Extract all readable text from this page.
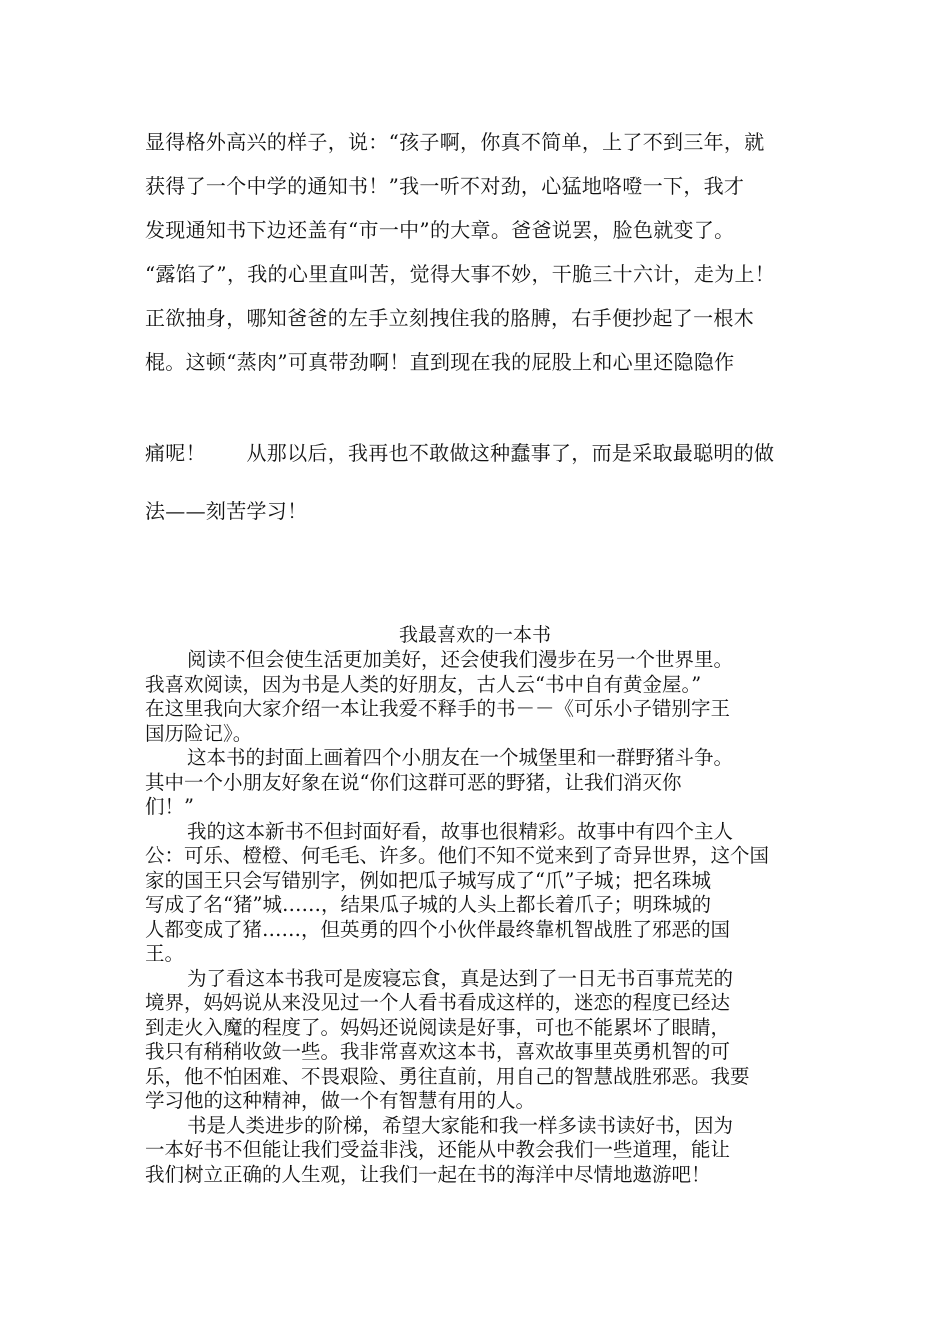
显得格外高兴的样子，说：“孩子啊，你真不简单，上了不到三年，就
获得了一个中学的通知书！”我一听不对劲，心猛地咯噔一下，我才
发现通知书下边还盖有“市一中”的大章。爸爸说罢，脸色就变了。
“露馅了”，我的心里直叫苦，觉得大事不妙，干脆三十六计，走为上！
正欲抽身，哪知爸爸的左手立刻拽住我的胳膊，右手便抄起了一根木
棍。这顿“蒸肉”可真带劲啊！直到现在我的屁股上和心里还隐隐作
痛呢！　　从那以后，我再也不敢做这种蠢事了，而是采取最聪明的做
法——刻苦学习！
我最喜欢的一本书
阅读不但会使生活更加美好，还会使我们漫步在另一个世界里。
我喜欢阅读，因为书是人类的好朋友，古人云“书中自有黄金屋。”
在这里我向大家介绍一本让我爱不释手的书－－《可乐小子错别字王
国历险记》。
这本书的封面上画着四个小朋友在一个城堡里和一群野猪斗争。
其中一个小朋友好象在说“你们这群可恶的野猪，让我们消灭你
们！”
我的这本新书不但封面好看，故事也很精彩。故事中有四个主人
公：可乐、橙橙、何毛毛、许多。他们不知不觉来到了奇异世界，这个国
家的国王只会写错别字，例如把瓜子城写成了“爪”子城；把名珠城
写成了名“猪”城……，结果瓜子城的人头上都长着爪子；明珠城的
人都变成了猪……，但英勇的四个小伙伴最终靠机智战胜了邪恶的国
王。
为了看这本书我可是废寝忘食，真是达到了一日无书百事荒芜的
境界，妈妈说从来没见过一个人看书看成这样的，迷恋的程度已经达
到走火入魔的程度了。妈妈还说阅读是好事，可也不能累坏了眼睛，
我只有稍稍收敛一些。我非常喜欢这本书，喜欢故事里英勇机智的可
乐，他不怕困难、不畏艰险、勇往直前，用自己的智慧战胜邪恶。我要
学习他的这种精神，做一个有智慧有用的人。
书是人类进步的阶梯，希望大家能和我一样多读书读好书，因为
一本好书不但能让我们受益非浅，还能从中教会我们一些道理，能让
我们树立正确的人生观，让我们一起在书的海洋中尽情地遨游吧！
